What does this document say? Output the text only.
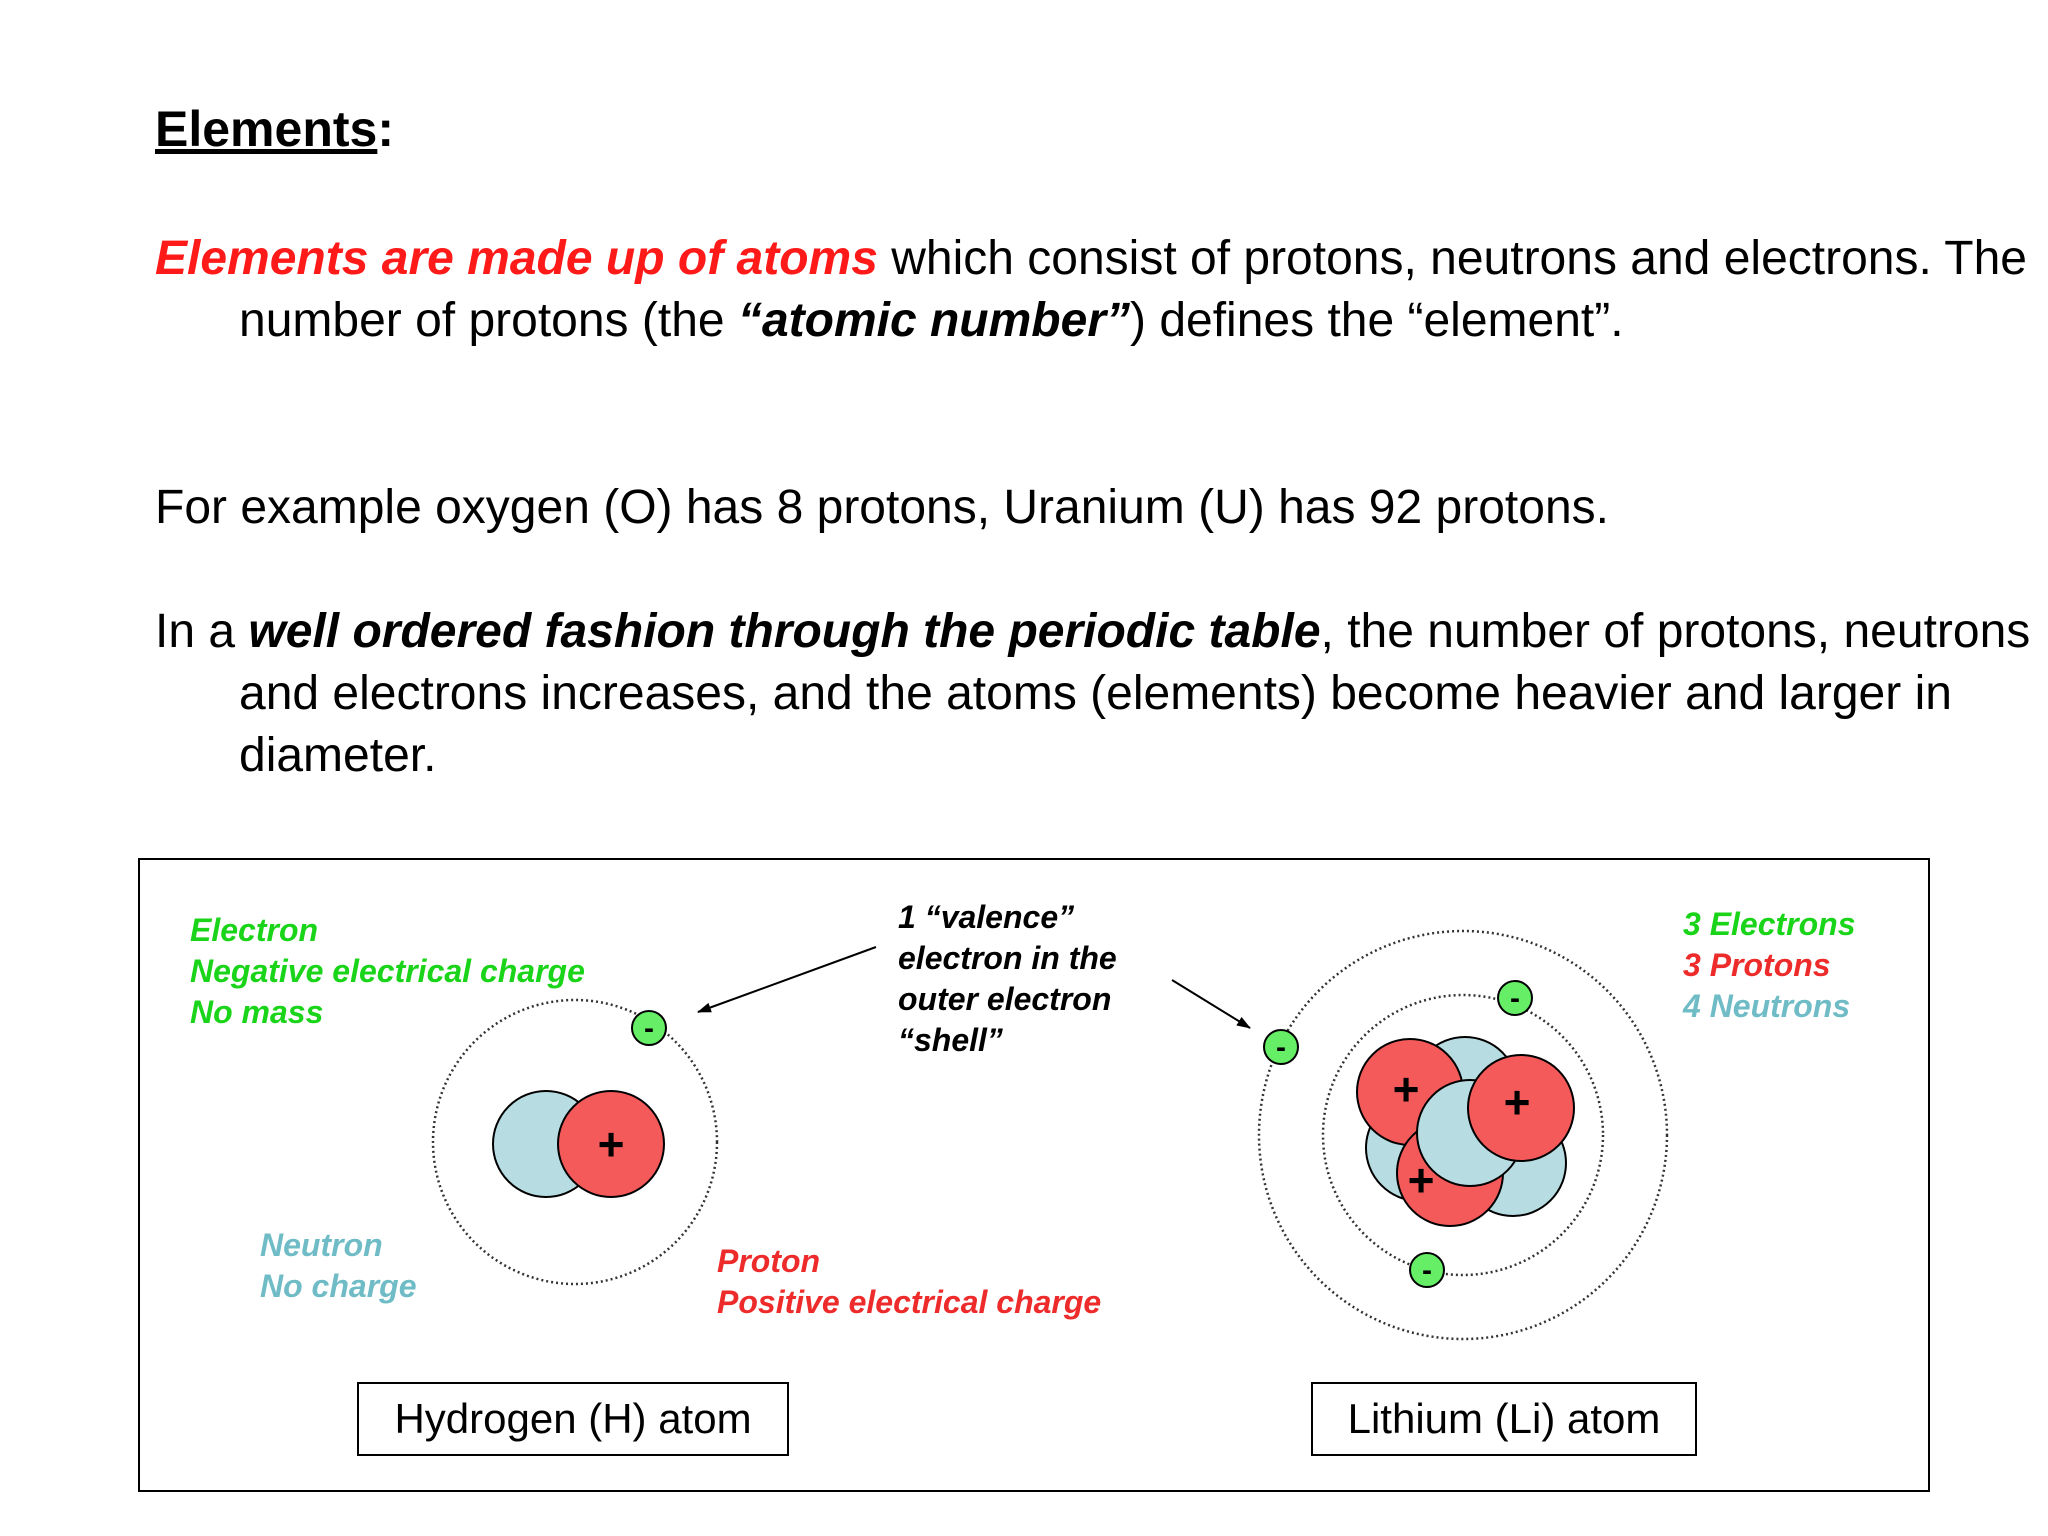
Elements:

Elements are made up of atoms which consist of protons, neutrons and electrons. The number of protons (the “atomic number”) defines the “element”.

For example oxygen (O) has 8 protons, Uranium (U) has 92 protons.

In a well ordered fashion through the periodic table, the number of protons, neutrons and electrons increases, and the atoms (elements) become heavier and larger in diameter.

+
-
+
+
+
-
-
-
Electron
Negative electrical charge
No mass
Neutron
No charge
Proton
Positive electrical charge
1 “valence”
electron in the
outer electron
“shell”
3 Electrons
3 Protons
4 Neutrons
Hydrogen (H) atom	Lithium (Li) atom
